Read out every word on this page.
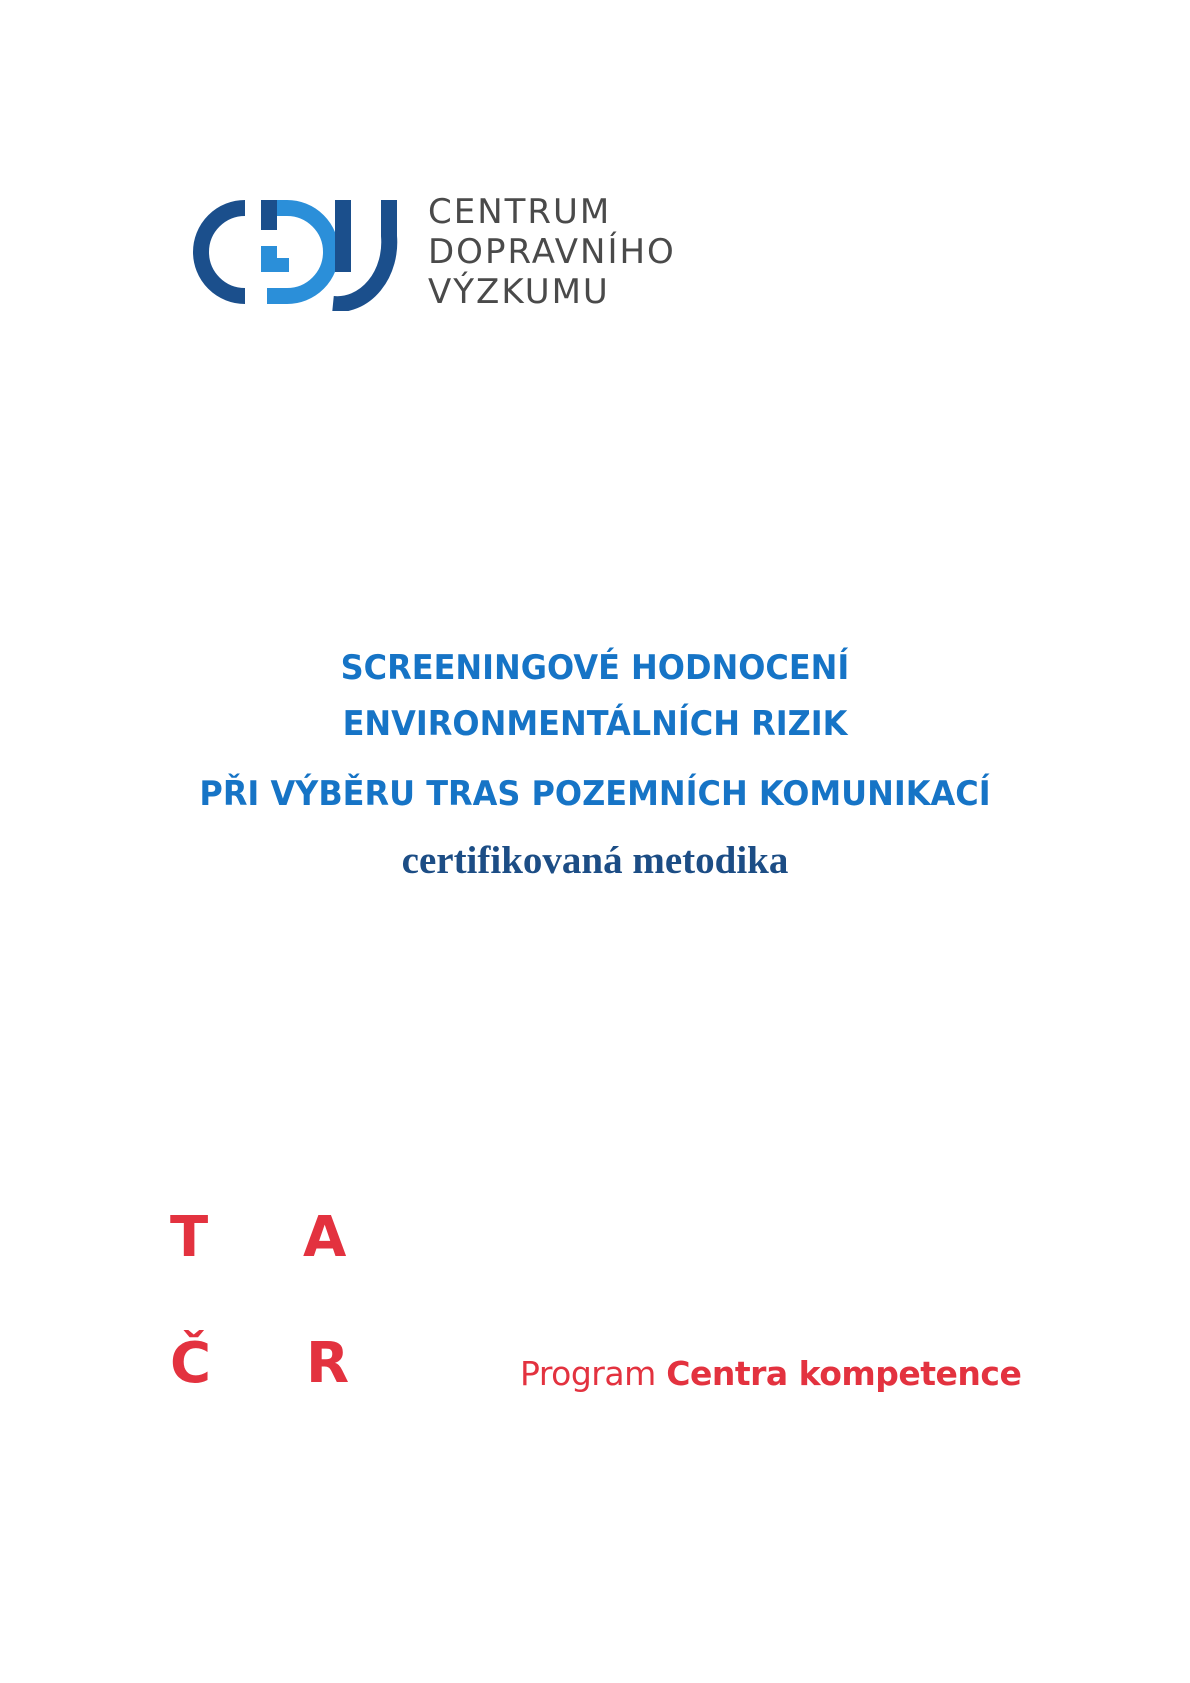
CENTRUM
DOPRAVNÍHO
VÝZKUMU
SCREENINGOVÉ HODNOCENÍ
ENVIRONMENTÁLNÍCH RIZIK
PŘI VÝBĚRU TRAS POZEMNÍCH KOMUNIKACÍ
certifikovaná metodika
T A
Č R	Program Centra kompetence
